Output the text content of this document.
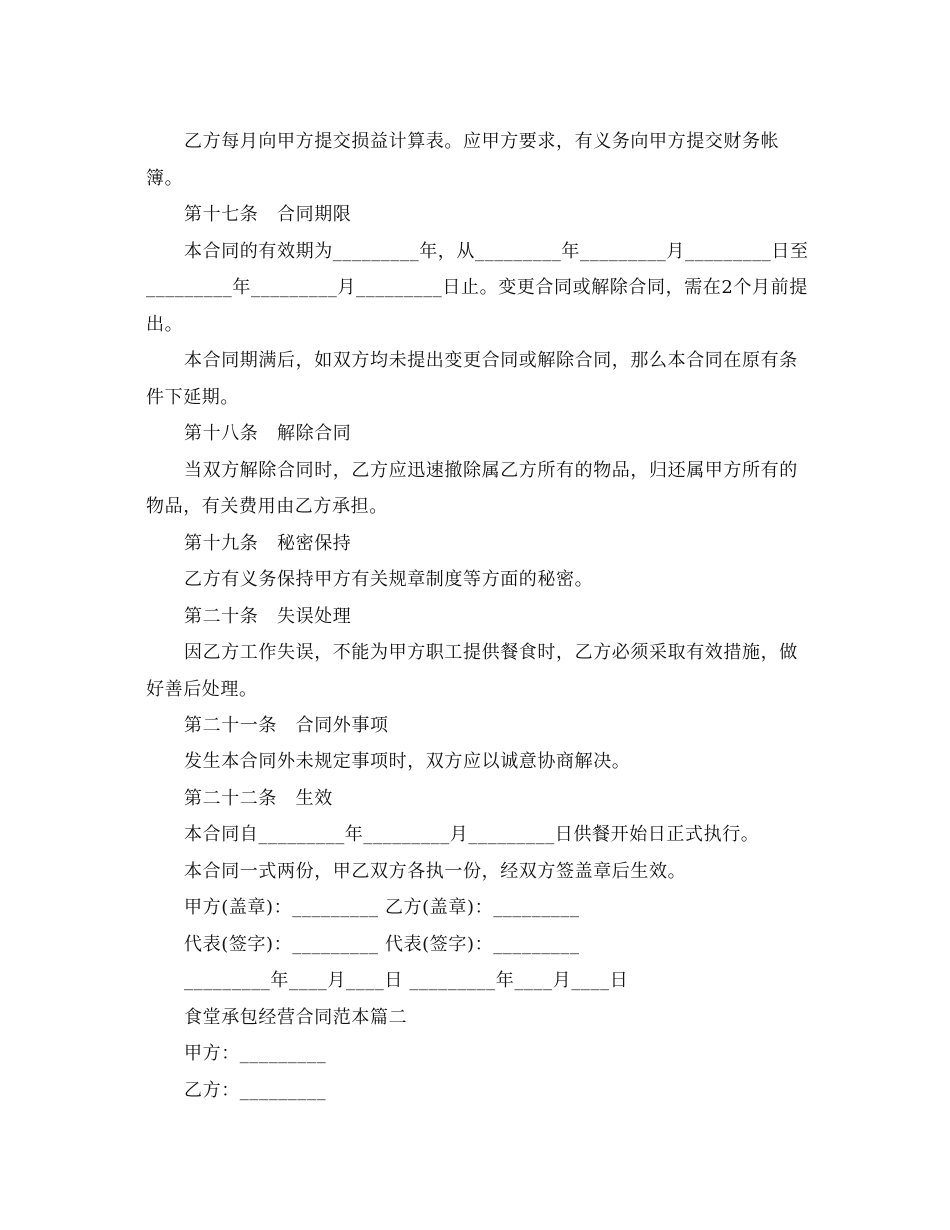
乙方每月向甲方提交损益计算表。应甲方要求，有义务向甲方提交财务帐
簿。
第十七条　合同期限
本合同的有效期为_________年，从_________年_________月_________日至
_________年_________月_________日止。变更合同或解除合同，需在2个月前提
出。
本合同期满后，如双方均未提出变更合同或解除合同，那么本合同在原有条
件下延期。
第十八条　解除合同
当双方解除合同时，乙方应迅速撤除属乙方所有的物品，归还属甲方所有的
物品，有关费用由乙方承担。
第十九条　秘密保持
乙方有义务保持甲方有关规章制度等方面的秘密。
第二十条　失误处理
因乙方工作失误，不能为甲方职工提供餐食时，乙方必须采取有效措施，做
好善后处理。
第二十一条　合同外事项
发生本合同外未规定事项时，双方应以诚意协商解决。
第二十二条　生效
本合同自_________年_________月_________日供餐开始日正式执行。
本合同一式两份，甲乙双方各执一份，经双方签盖章后生效。
甲方(盖章)：_________ 乙方(盖章)：_________
代表(签字)：_________ 代表(签字)：_________
_________年____月____日 _________年____月____日
食堂承包经营合同范本篇二
甲方：_________
乙方：_________
